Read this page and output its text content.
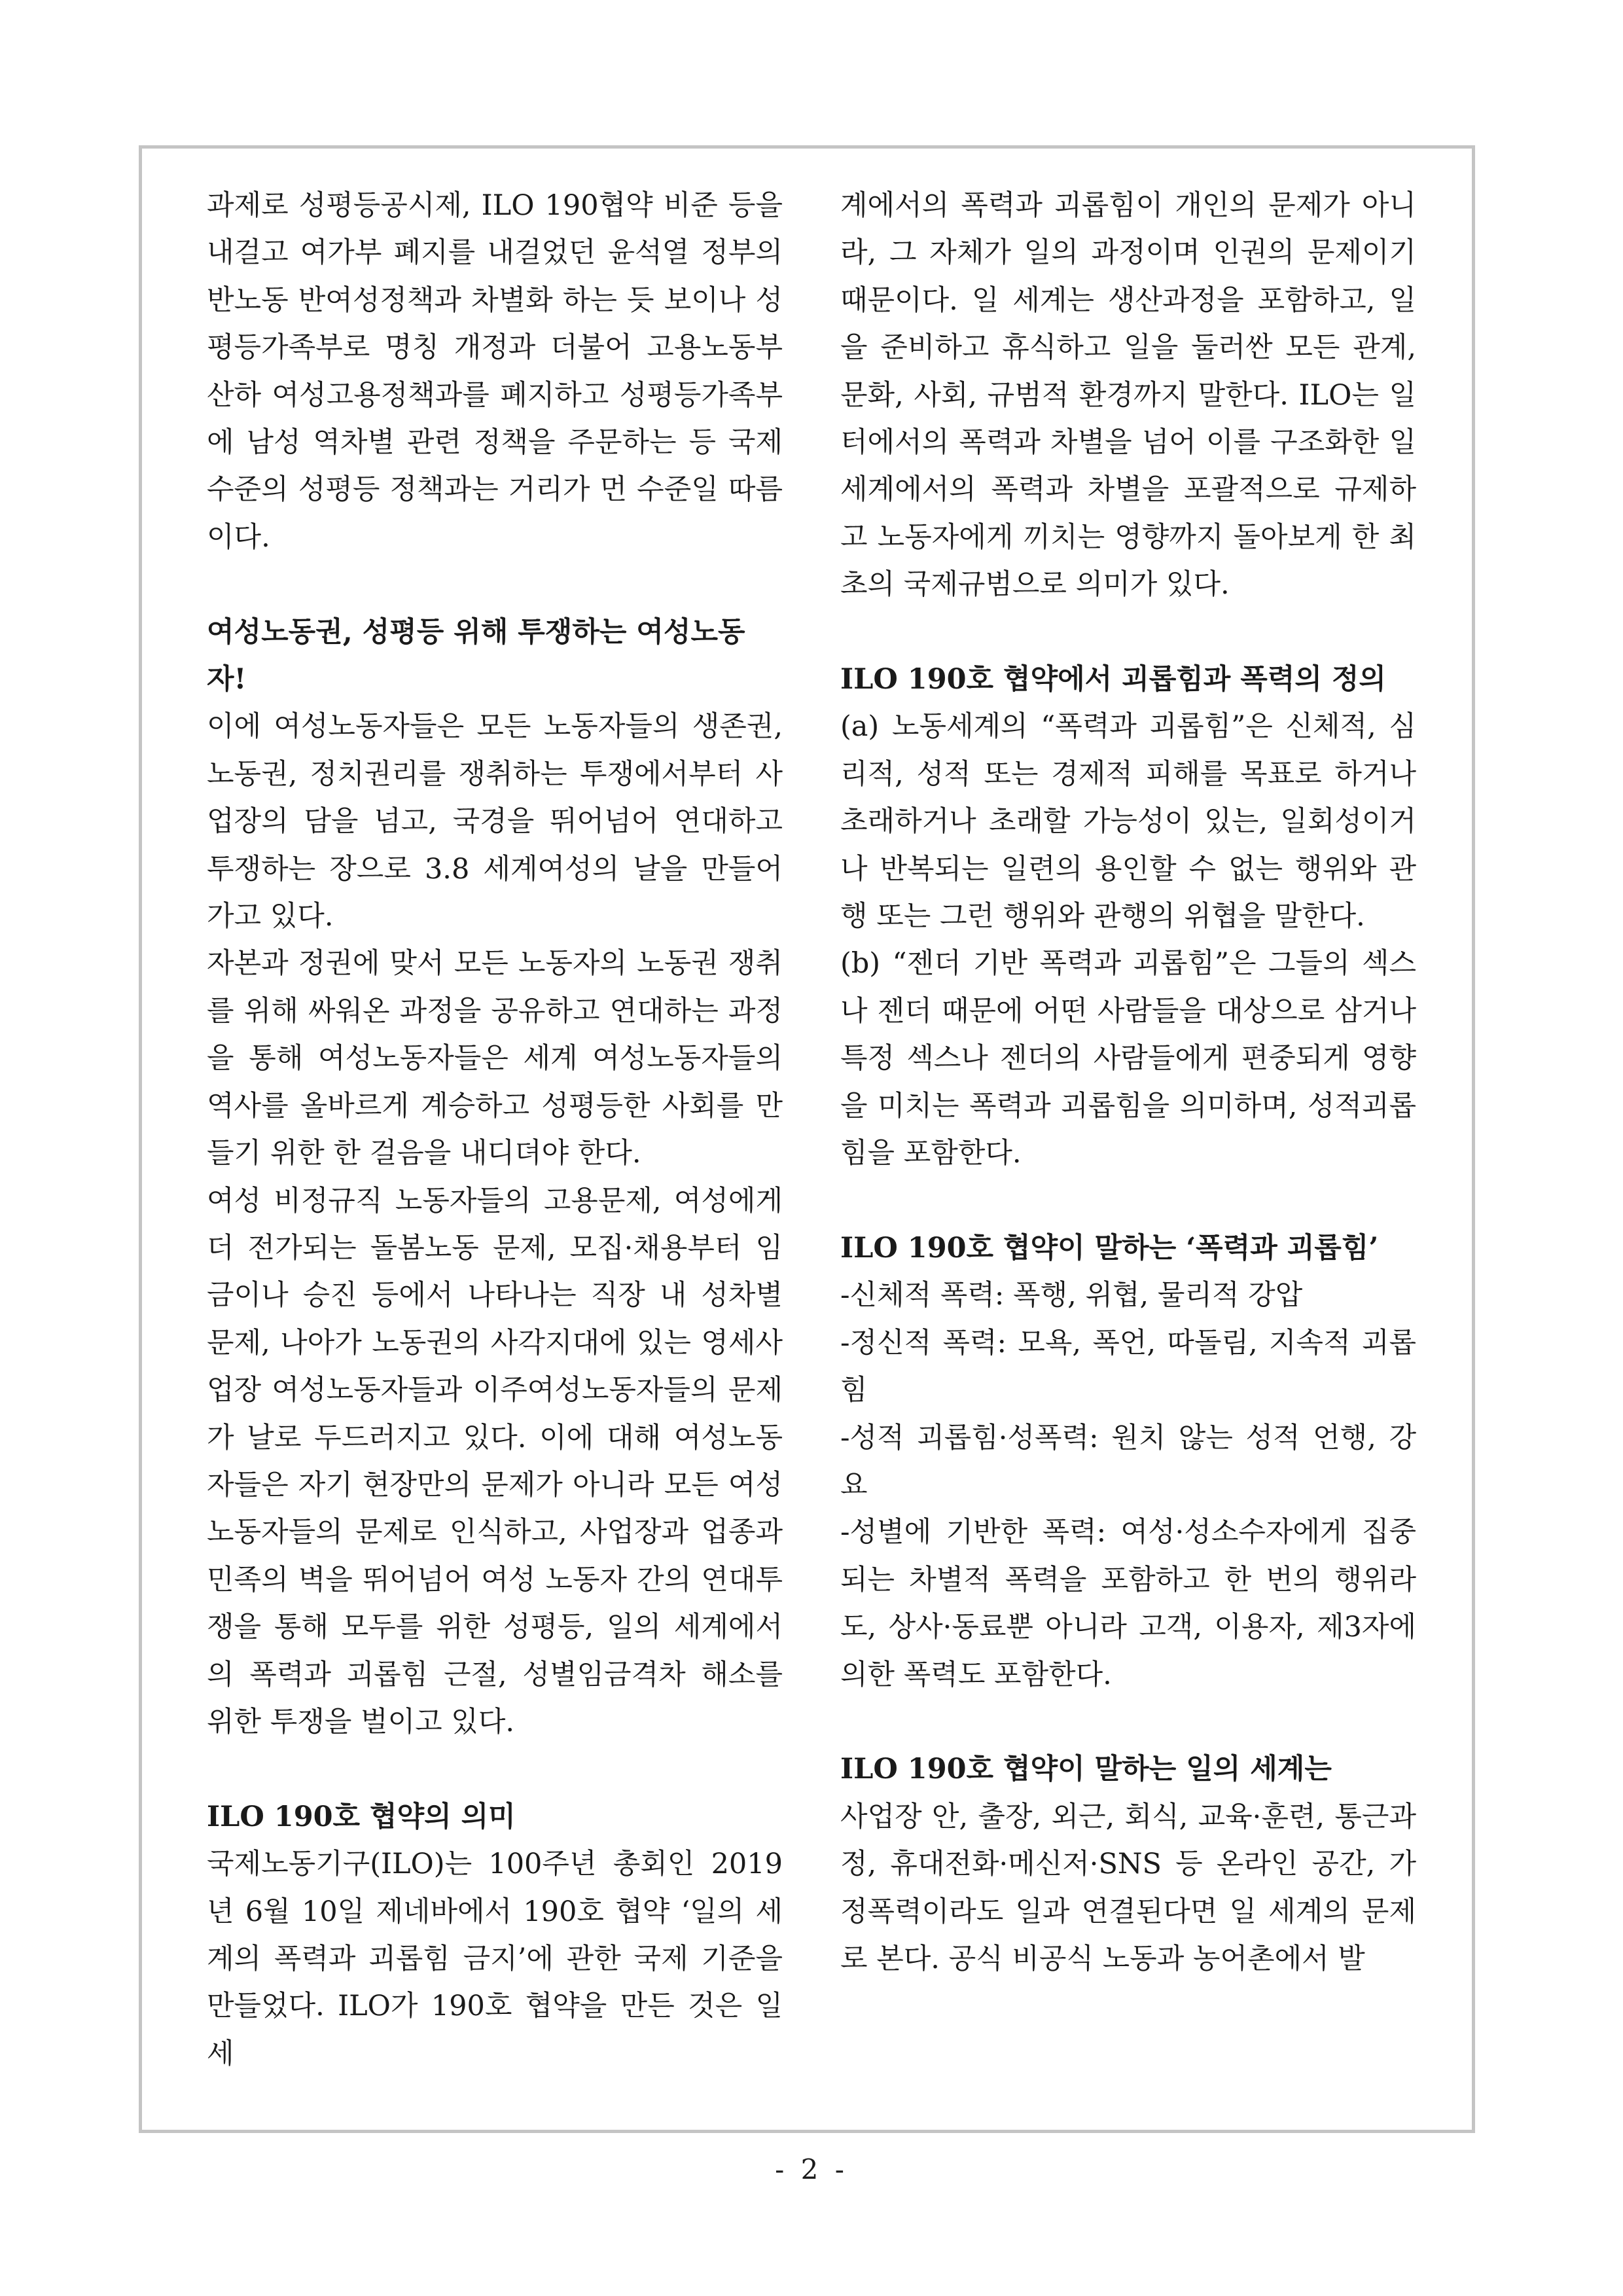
과제로 성평등공시제, ILO 190협약 비준 등을 내걸고 여가부 폐지를 내걸었던 윤석열 정부의 반노동 반여성정책과 차별화 하는 듯 보이나 성평등가족부로 명칭 개정과 더불어 고용노동부 산하 여성고용정책과를 폐지하고 성평등가족부에 남성 역차별 관련 정책을 주문하는 등 국제수준의 성평등 정책과는 거리가 먼 수준일 따름이다.

여성노동권, 성평등 위해 투쟁하는 여성노동자!

이에 여성노동자들은 모든 노동자들의 생존권, 노동권, 정치권리를 쟁취하는 투쟁에서부터 사업장의 담을 넘고, 국경을 뛰어넘어 연대하고 투쟁하는 장으로 3.8 세계여성의 날을 만들어가고 있다.

자본과 정권에 맞서 모든 노동자의 노동권 쟁취를 위해 싸워온 과정을 공유하고 연대하는 과정을 통해 여성노동자들은 세계 여성노동자들의 역사를 올바르게 계승하고 성평등한 사회를 만들기 위한 한 걸음을 내디뎌야 한다.

여성 비정규직 노동자들의 고용문제, 여성에게 더 전가되는 돌봄노동 문제, 모집·채용부터 임금이나 승진 등에서 나타나는 직장 내 성차별 문제, 나아가 노동권의 사각지대에 있는 영세사업장 여성노동자들과 이주여성노동자들의 문제가 날로 두드러지고 있다. 이에 대해 여성노동자들은 자기 현장만의 문제가 아니라 모든 여성노동자들의 문제로 인식하고, 사업장과 업종과 민족의 벽을 뛰어넘어 여성 노동자 간의 연대투쟁을 통해 모두를 위한 성평등, 일의 세계에서의 폭력과 괴롭힘 근절, 성별임금격차 해소를 위한 투쟁을 벌이고 있다.

ILO 190호 협약의 의미

국제노동기구(ILO)는 100주년 총회인 2019년 6월 10일 제네바에서 190호 협약 ‘일의 세계의 폭력과 괴롭힘 금지’에 관한 국제 기준을 만들었다. ILO가 190호 협약을 만든 것은 일 세

계에서의 폭력과 괴롭힘이 개인의 문제가 아니라, 그 자체가 일의 과정이며 인권의 문제이기 때문이다. 일 세계는 생산과정을 포함하고, 일을 준비하고 휴식하고 일을 둘러싼 모든 관계, 문화, 사회, 규범적 환경까지 말한다. ILO는 일터에서의 폭력과 차별을 넘어 이를 구조화한 일 세계에서의 폭력과 차별을 포괄적으로 규제하고 노동자에게 끼치는 영향까지 돌아보게 한 최초의 국제규범으로 의미가 있다.

ILO 190호 협약에서 괴롭힘과 폭력의 정의

(a) 노동세계의 “폭력과 괴롭힘”은 신체적, 심리적, 성적 또는 경제적 피해를 목표로 하거나 초래하거나 초래할 가능성이 있는, 일회성이거나 반복되는 일련의 용인할 수 없는 행위와 관행 또는 그런 행위와 관행의 위협을 말한다.

(b) “젠더 기반 폭력과 괴롭힘”은 그들의 섹스나 젠더 때문에 어떤 사람들을 대상으로 삼거나 특정 섹스나 젠더의 사람들에게 편중되게 영향을 미치는 폭력과 괴롭힘을 의미하며, 성적괴롭힘을 포함한다.

ILO 190호 협약이 말하는 ‘폭력과 괴롭힘’

-신체적 폭력: 폭행, 위협, 물리적 강압

-정신적 폭력: 모욕, 폭언, 따돌림, 지속적 괴롭힘

-성적 괴롭힘·성폭력: 원치 않는 성적 언행, 강요

-성별에 기반한 폭력: 여성·성소수자에게 집중되는 차별적 폭력을 포함하고 한 번의 행위라도, 상사·동료뿐 아니라 고객, 이용자, 제3자에 의한 폭력도 포함한다.

ILO 190호 협약이 말하는 일의 세계는

사업장 안, 출장, 외근, 회식, 교육·훈련, 통근과정, 휴대전화·메신저·SNS 등 온라인 공간, 가정폭력이라도 일과 연결된다면 일 세계의 문제로 본다. 공식 비공식 노동과 농어촌에서 발

- 2 -
